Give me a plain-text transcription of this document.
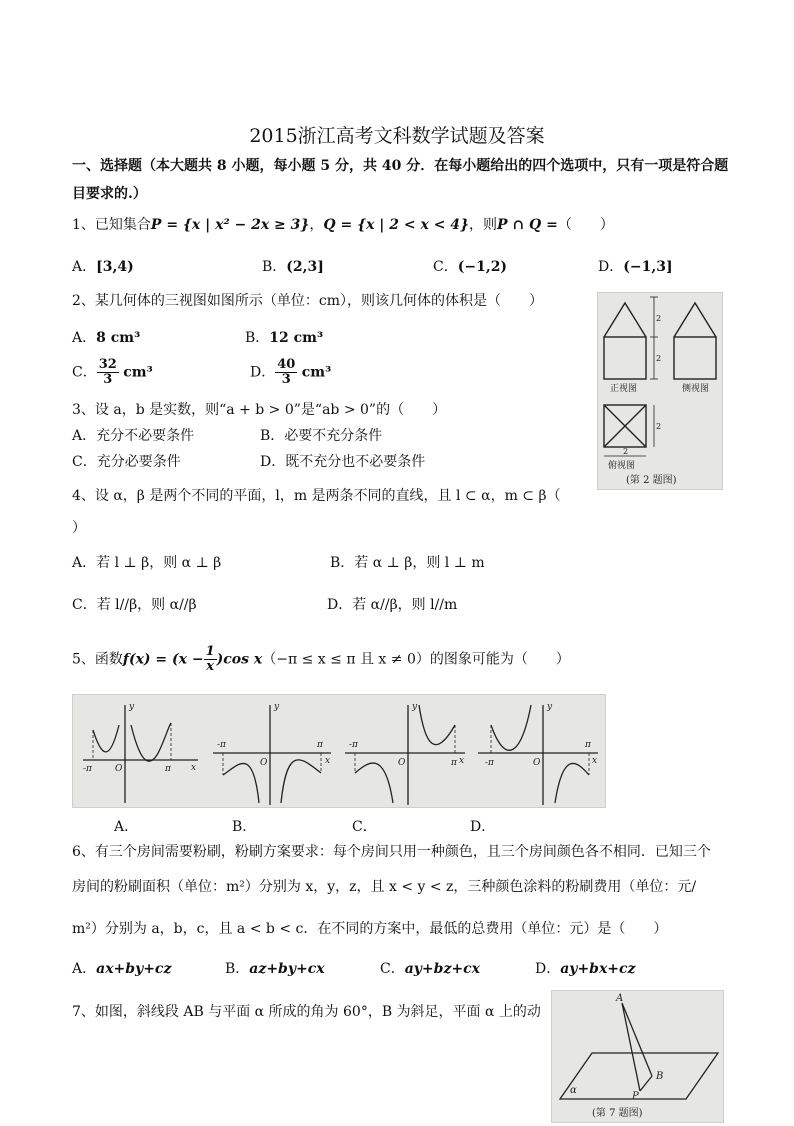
2015浙江高考文科数学试题及答案
一、选择题（本大题共 8 小题，每小题 5 分，共 40 分．在每小题给出的四个选项中，只有一项是符合题
目要求的.）
1、已知集合P = {x | x² − 2x ≥ 3}，Q = {x | 2 < x < 4}，则P ∩ Q =（　　）
A．[3,4)	B．(2,3]	C．(−1,2)	D．(−1,3]
2、某几何体的三视图如图所示（单位：cm），则该几何体的体积是（　　）
A．8 cm³	B．12 cm³
C． $\frac{32}{3} cm^3$	D． $\frac{40}{3} cm^3$
2
2
2
2
正视图	侧视图
俯视图
(第 2 题图)
3、设 a，b 是实数，则“a + b > 0”是“ab > 0”的（　　）
A．充分不必要条件	B．必要不充分条件
C．充分必要条件	D．既不充分也不必要条件
4、设 α，β 是两个不同的平面，l，m 是两条不同的直线，且 l ⊂ α，m ⊂ β（
）
A．若 l ⊥ β，则 α ⊥ β	B．若 α ⊥ β，则 l ⊥ m
C．若 l//β，则 α//β	D．若 α//β，则 l//m
5、函数$f(x) = (x - \frac{1}{x} )\cos$ x（−π ≤ x ≤ π 且 x ≠ 0）的图象可能为（　　）
y
x
O
-π	π
y
x
O
-π	π
y
x
O
-π
π
y
x
O
-π
π
A．	B．	C．	D．
6、有三个房间需要粉刷，粉刷方案要求：每个房间只用一种颜色，且三个房间颜色各不相同．已知三个
房间的粉刷面积（单位：m²）分别为 x，y，z，且 x < y < z，三种颜色涂料的粉刷费用（单位：元/
m²）分别为 a，b，c，且 a < b < c．在不同的方案中，最低的总费用（单位：元）是（　　）
A．ax+by+cz	B．az+by+cx	C．ay+bz+cx	D．ay+bx+cz
7、如图，斜线段 AB 与平面 α 所成的角为 60°，B 为斜足，平面 α 上的动
A
B
P
α
(第 7 题图)
